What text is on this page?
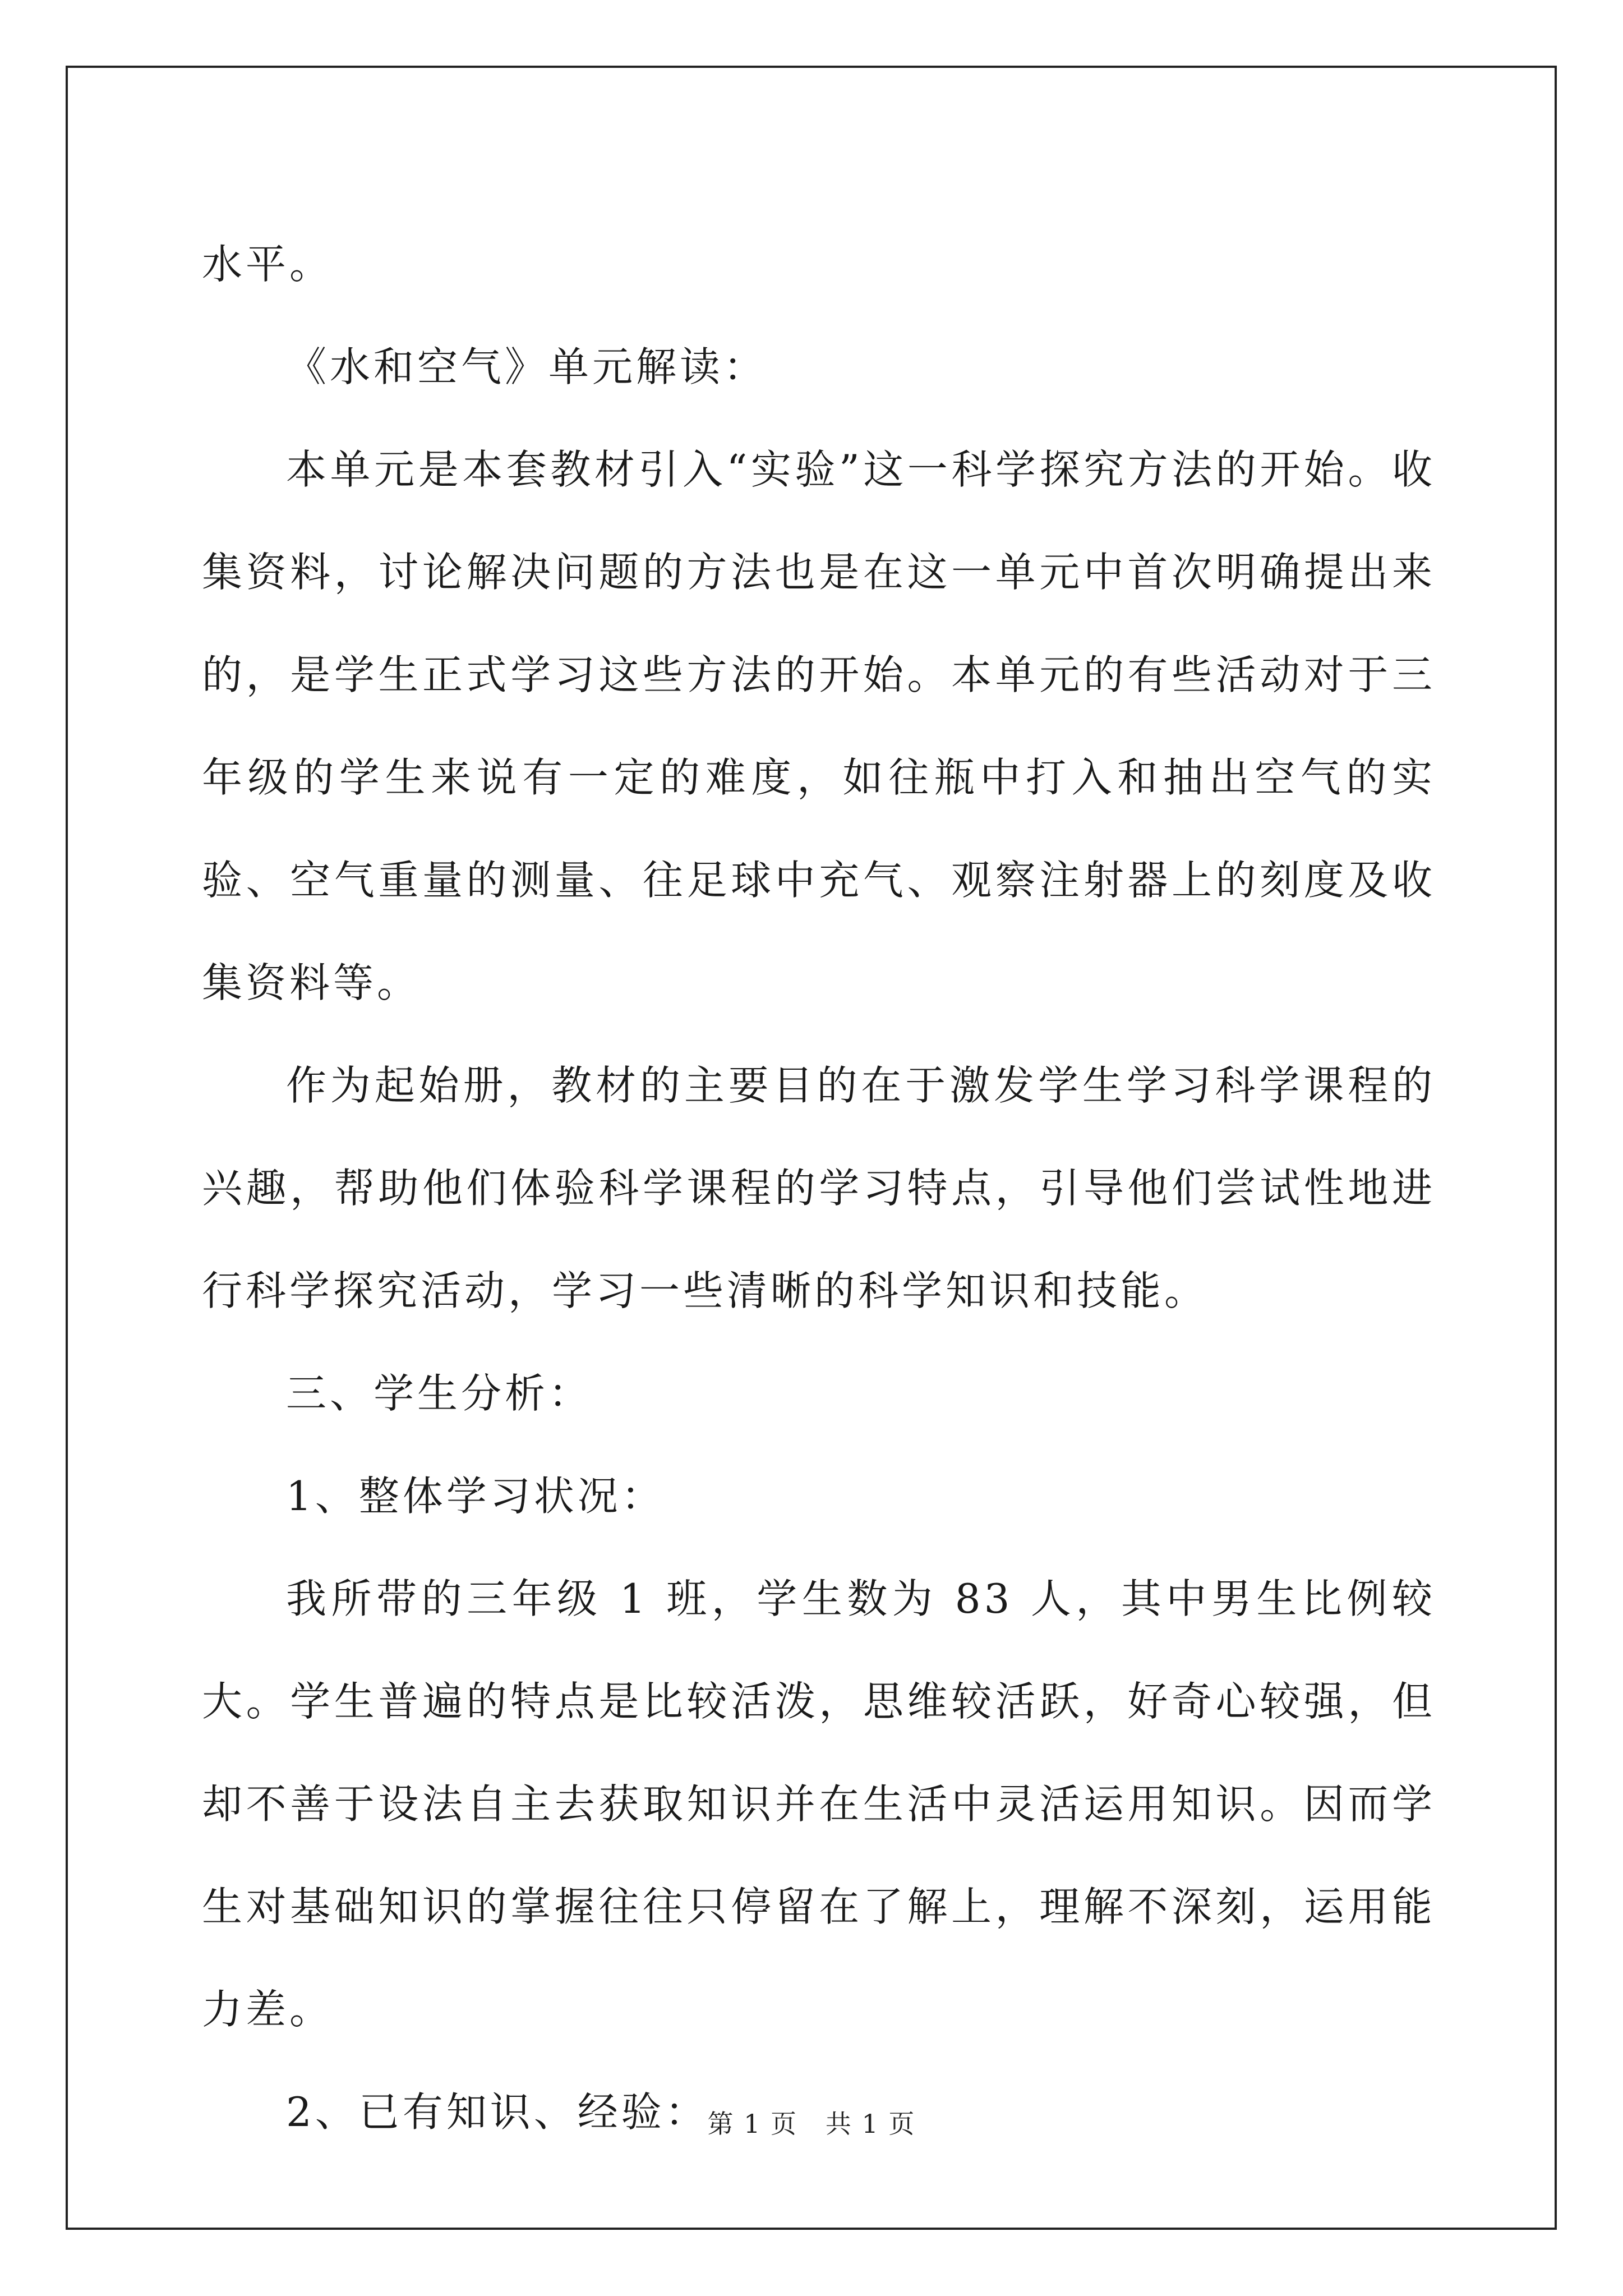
水平。

《水和空气》单元解读：

本单元是本套教材引入“实验”这一科学探究方法的开始。收集资料，讨论解决问题的方法也是在这一单元中首次明确提出来的，是学生正式学习这些方法的开始。本单元的有些活动对于三年级的学生来说有一定的难度，如往瓶中打入和抽出空气的实验、空气重量的测量、往足球中充气、观察注射器上的刻度及收集资料等。

作为起始册，教材的主要目的在于激发学生学习科学课程的兴趣，帮助他们体验科学课程的学习特点，引导他们尝试性地进行科学探究活动，学习一些清晰的科学知识和技能。

三、学生分析：

1、整体学习状况：

我所带的三年级 1 班，学生数为 83 人，其中男生比例较大。学生普遍的特点是比较活泼，思维较活跃，好奇心较强，但却不善于设法自主去获取知识并在生活中灵活运用知识。因而学生对基础知识的掌握往往只停留在了解上，理解不深刻，运用能力差。

2、已有知识、经验：

第 1 页   共 1 页
